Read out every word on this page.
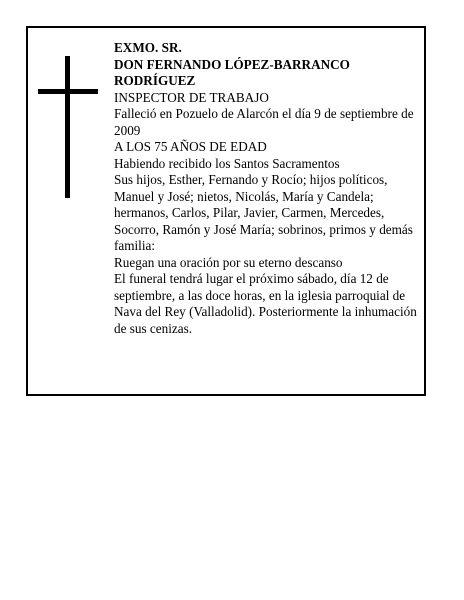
EXMO. SR.

DON FERNANDO LÓPEZ-BARRANCO RODRÍGUEZ

INSPECTOR DE TRABAJO

Falleció en Pozuelo de Alarcón el día 9 de septiembre de 2009

A LOS 75 AÑOS DE EDAD

Habiendo recibido los Santos Sacramentos

Sus hijos, Esther, Fernando y Rocío; hijos políticos, Manuel y José; nietos, Nicolás, María y Candela; hermanos, Carlos, Pilar, Javier, Carmen, Mercedes, Socorro, Ramón y José María; sobrinos, primos y demás familia:

Ruegan una oración por su eterno descanso

El funeral tendrá lugar el próximo sábado, día 12 de septiembre, a las doce horas, en la iglesia parroquial de Nava del Rey (Valladolid). Posteriormente la inhumación de sus cenizas.
